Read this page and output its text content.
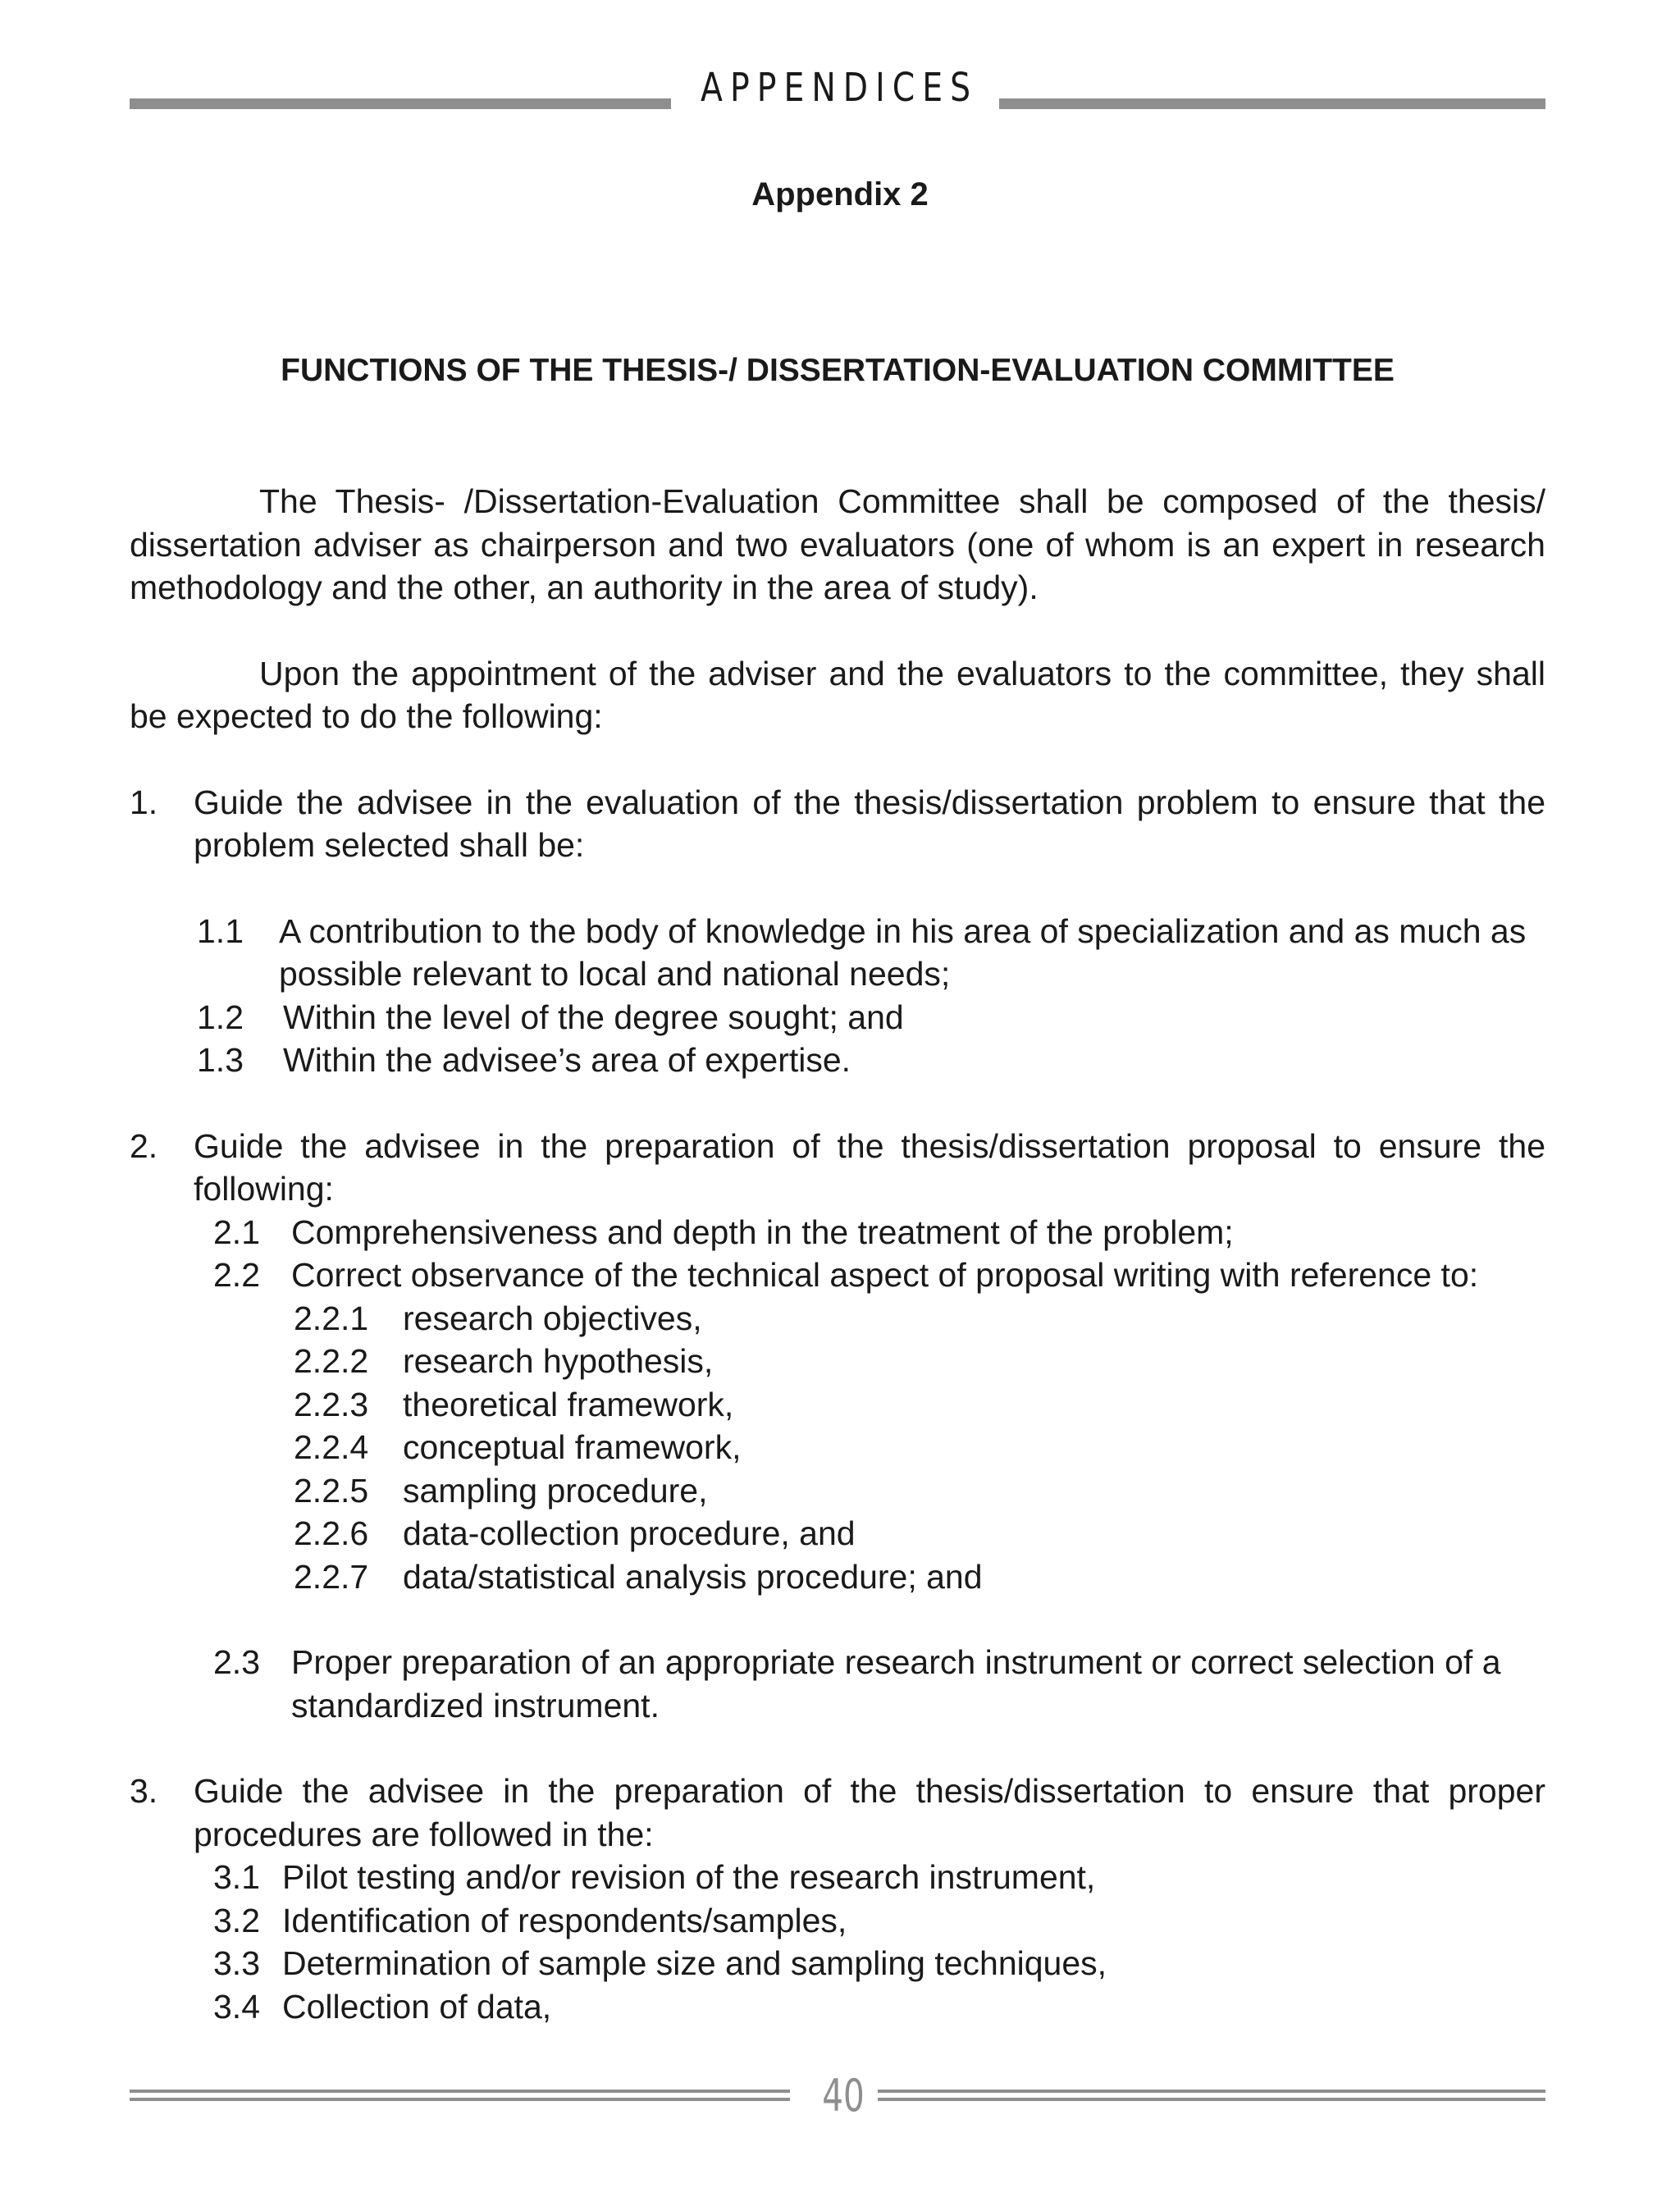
APPENDICES
Appendix 2
FUNCTIONS OF THE THESIS-/ DISSERTATION-EVALUATION COMMITTEE

The Thesis- /Dissertation-Evaluation Committee shall be composed of the thesis/ dissertation adviser as chairperson and two evaluators (one of whom is an expert in research methodology and the other, an authority in the area of study).

Upon the appointment of the adviser and the evaluators to the committee, they shall be expected to do the following:

1. Guide the advisee in the evaluation of the thesis/dissertation problem to ensure that the problem selected shall be:
1.1 A contribution to the body of knowledge in his area of specialization and as much as possible relevant to local and national needs;
1.2 Within the level of the degree sought; and
1.3 Within the advisee’s area of expertise.
2. Guide the advisee in the preparation of the thesis/dissertation proposal to ensure the following:
2.1 Comprehensiveness and depth in the treatment of the problem;
2.2 Correct observance of the technical aspect of proposal writing with reference to:
2.2.1 research objectives,
2.2.2 research hypothesis,
2.2.3 theoretical framework,
2.2.4 conceptual framework,
2.2.5 sampling procedure,
2.2.6 data-collection procedure, and
2.2.7 data/statistical analysis procedure; and
2.3 Proper preparation of an appropriate research instrument or correct selection of a standardized instrument.
3. Guide the advisee in the preparation of the thesis/dissertation to ensure that proper procedures are followed in the:
3.1 Pilot testing and/or revision of the research instrument,
3.2 Identification of respondents/samples,
3.3 Determination of sample size and sampling techniques,
3.4 Collection of data,
40
